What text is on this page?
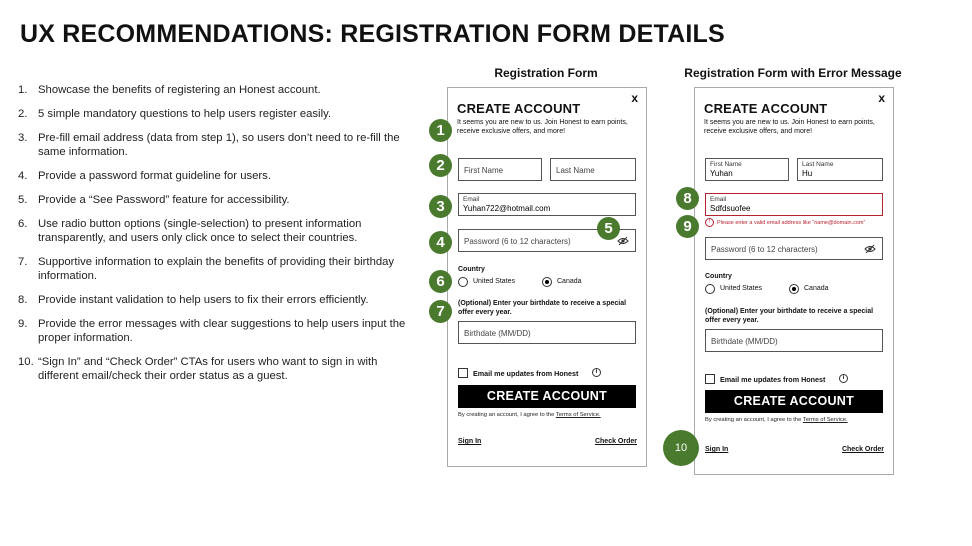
UX RECOMMENDATIONS: REGISTRATION FORM DETAILS
1. Showcase the benefits of registering an Honest account.
2. 5 simple mandatory questions to help users register easily.
3. Pre-fill email address (data from step 1), so users don’t need to re-fill the same information.
4. Provide a password format guideline for users.
5. Provide a “See Password” feature for accessibility.
6. Use radio button options (single-selection) to present information transparently, and users only click once to select their countries.
7. Supportive information to explain the benefits of providing their birthday information.
8. Provide instant validation to help users to fix their errors efficiently.
9. Provide the error messages with clear suggestions to help users input the proper information.
10. “Sign In” and “Check Order” CTAs for users who want to sign in with different email/check their order status as a guest.
Registration Form	Registration Form with Error Message
x
CREATE ACCOUNT
It seems you are new to us. Join Honest to earn points, receive exclusive offers, and more!
First Name	Last Name
Email
Yuhan722@hotmail.com
Password (6 to 12 characters)
Country
United States	Canada
(Optional) Enter your birthdate to receive a special offer every year.
Birthdate (MM/DD)
Email me updates from Honest	i
CREATE ACCOUNT
By creating an account, I agree to the Terms of Service.
Sign In	Check Order
x
CREATE ACCOUNT
It seems you are new to us. Join Honest to earn points, receive exclusive offers, and more!
First Name
Yuhan
Last Name
Hu
Email
Sdfdsuofee
! Please enter a valid email address like “name@domain.com”
Password (6 to 12 characters)
Country
United States	Canada
(Optional) Enter your birthdate to receive a special offer every year.
Birthdate (MM/DD)
Email me updates from Honest	i
CREATE ACCOUNT
By creating an account, I agree to the Terms of Service.
Sign In	Check Order
1
2
3
4
5
6
7
8
9
10
